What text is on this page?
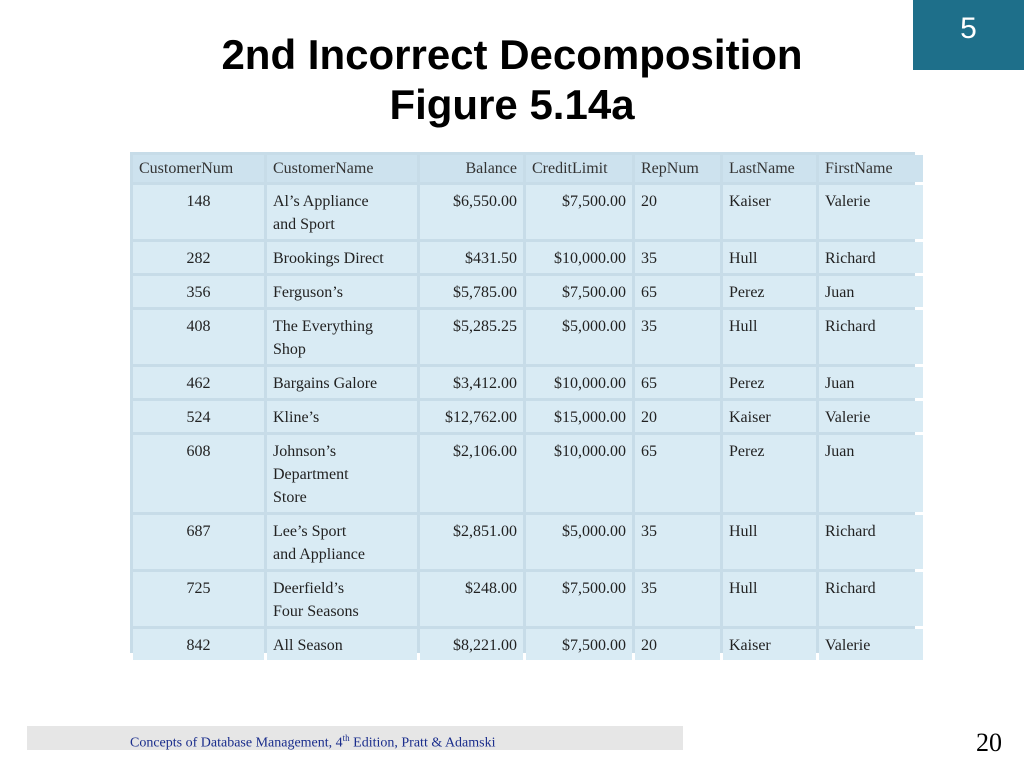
5
2nd Incorrect Decomposition
Figure 5.14a
CustomerNum	CustomerName	Balance	CreditLimit	RepNum	LastName	FirstName
148	Al’s Appliance
and Sport	$6,550.00	$7,500.00	20	Kaiser	Valerie
282	Brookings Direct	$431.50	$10,000.00	35	Hull	Richard
356	Ferguson’s	$5,785.00	$7,500.00	65	Perez	Juan
408	The Everything
Shop	$5,285.25	$5,000.00	35	Hull	Richard
462	Bargains Galore	$3,412.00	$10,000.00	65	Perez	Juan
524	Kline’s	$12,762.00	$15,000.00	20	Kaiser	Valerie
608	Johnson’s
Department
Store	$2,106.00	$10,000.00	65	Perez	Juan
687	Lee’s Sport
and Appliance	$2,851.00	$5,000.00	35	Hull	Richard
725	Deerfield’s
Four Seasons	$248.00	$7,500.00	35	Hull	Richard
842	All Season	$8,221.00	$7,500.00	20	Kaiser	Valerie
Concepts of Database Management, 4th Edition, Pratt & Adamski	20
